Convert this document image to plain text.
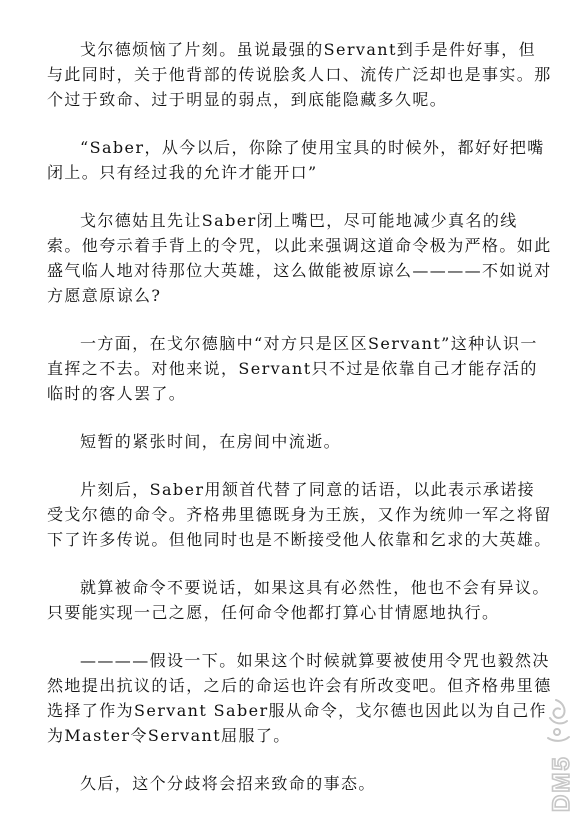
戈尔德烦恼了片刻。虽说最强的Servant到手是件好事，但与此同时，关于他背部的传说脍炙人口、流传广泛却也是事实。那个过于致命、过于明显的弱点，到底能隐藏多久呢。

“Saber，从今以后，你除了使用宝具的时候外，都好好把嘴闭上。只有经过我的允许才能开口”

戈尔德姑且先让Saber闭上嘴巴，尽可能地减少真名的线索。他夸示着手背上的令咒，以此来强调这道命令极为严格。如此盛气临人地对待那位大英雄，这么做能被原谅么————不如说对方愿意原谅么?

一方面，在戈尔德脑中“对方只是区区Servant”这种认识一直挥之不去。对他来说，Servant只不过是依靠自己才能存活的临时的客人罢了。

短暂的紧张时间，在房间中流逝。

片刻后，Saber用颔首代替了同意的话语，以此表示承诺接受戈尔德的命令。齐格弗里德既身为王族，又作为统帅一军之将留下了许多传说。但他同时也是不断接受他人依靠和乞求的大英雄。

就算被命令不要说话，如果这具有必然性，他也不会有异议。只要能实现一己之愿，任何命令他都打算心甘情愿地执行。

————假设一下。如果这个时候就算要被使用令咒也毅然决然地提出抗议的话，之后的命运也许会有所改变吧。但齐格弗里德选择了作为Servant Saber服从命令，戈尔德也因此以为自己作为Master令Servant屈服了。

久后，这个分歧将会招来致命的事态。	DM5
